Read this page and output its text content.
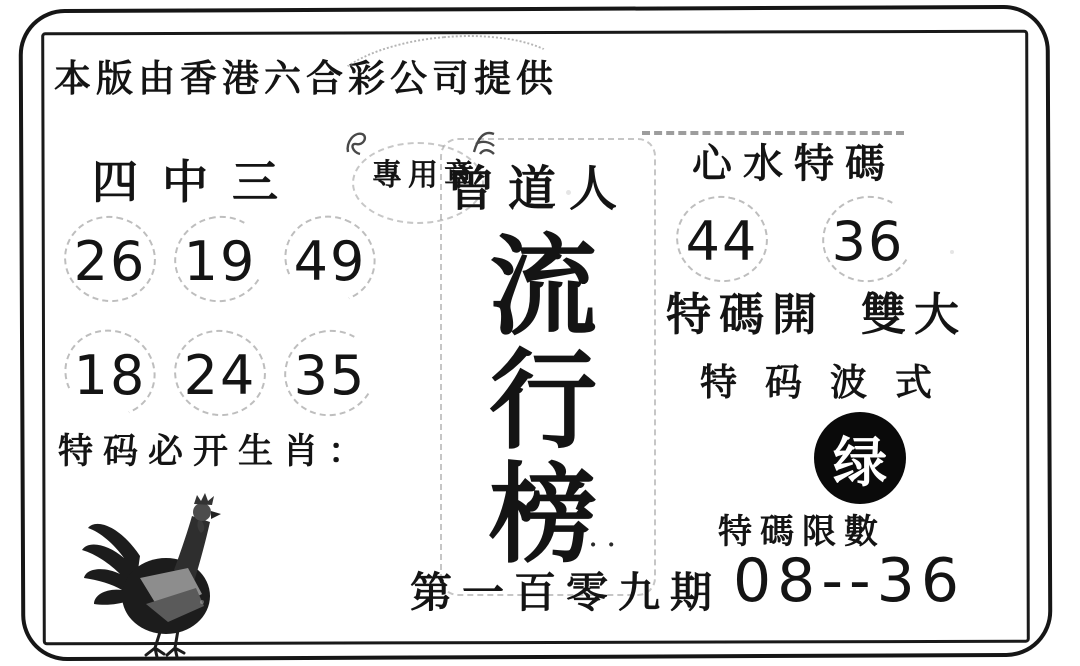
本版由香港六合彩公司提供
四中三
26 19 49
18 24 35
特码必开生肖：
專用章
曾道人
流
行
榜
..
第一百零九期
心水特碼
44 36
特碼開 雙大
特码波式
绿
特碼限數
08--36
